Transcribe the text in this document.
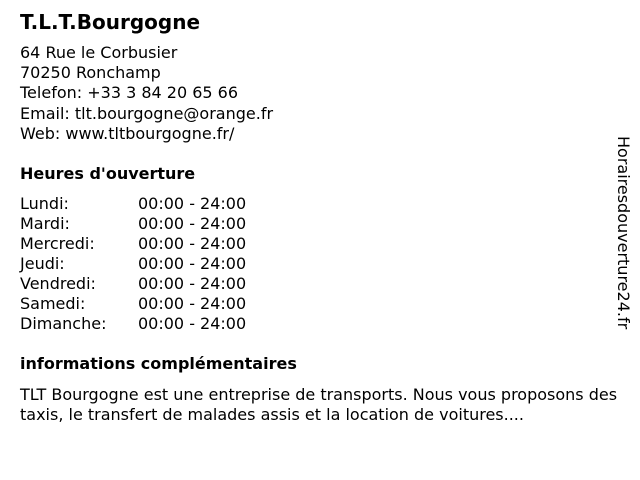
T.L.T.Bourgogne
64 Rue le Corbusier
70250 Ronchamp
Telefon: +33 3 84 20 65 66
Email: tlt.bourgogne@orange.fr
Web: www.tltbourgogne.fr/
Heures d'ouverture
Lundi:	00:00 - 24:00
Mardi:	00:00 - 24:00
Mercredi:	00:00 - 24:00
Jeudi:	00:00 - 24:00
Vendredi:	00:00 - 24:00
Samedi:	00:00 - 24:00
Dimanche:	00:00 - 24:00
informations complémentaires

TLT Bourgogne est une entreprise de transports. Nous vous proposons des taxis, le transfert de malades assis et la location de voitures....

Horairesdouverture24.fr
